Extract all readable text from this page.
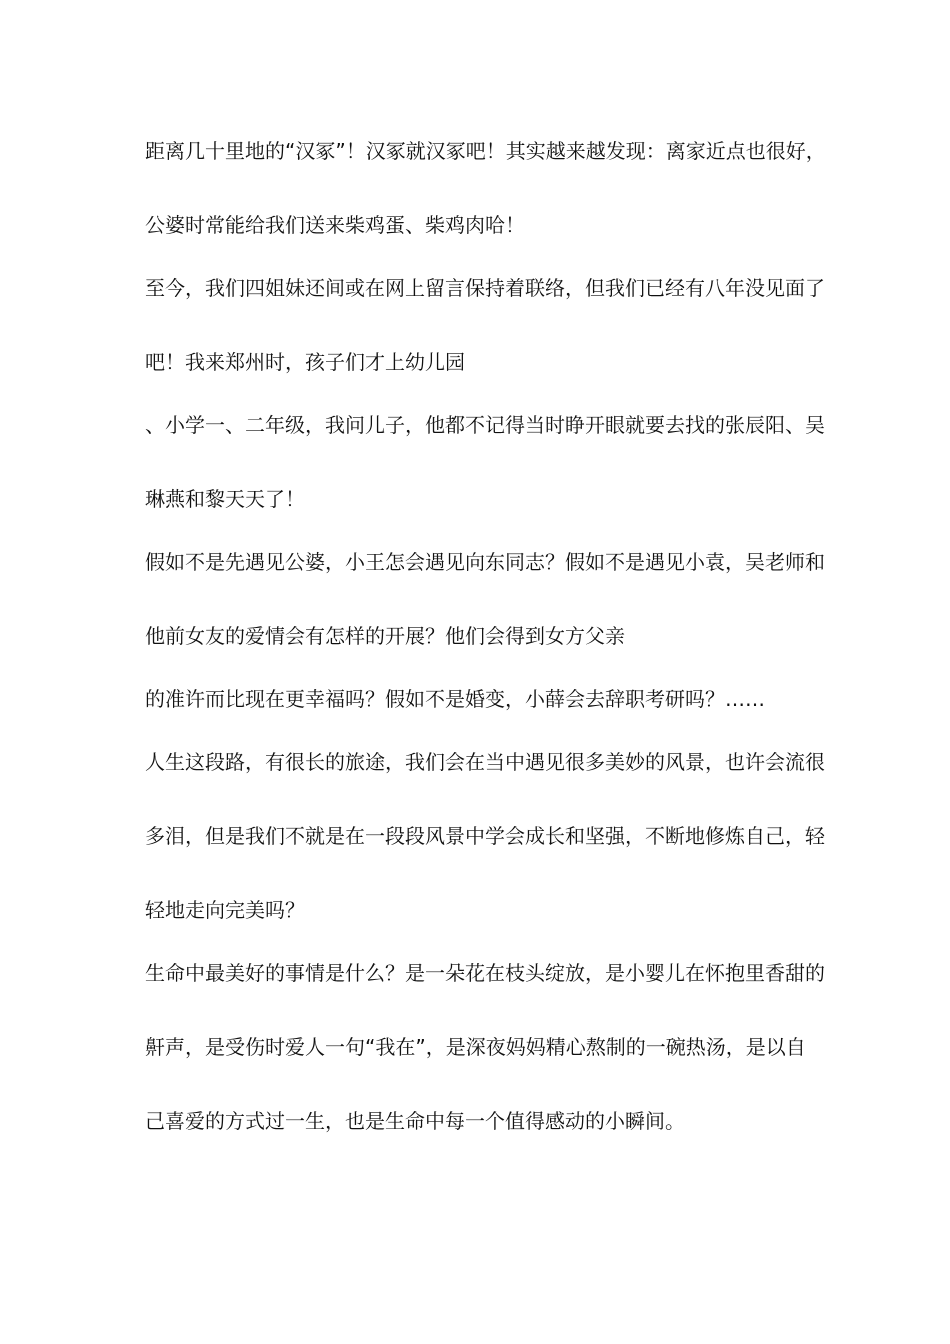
距离几十里地的“汉冢”！汉冢就汉冢吧！其实越来越发现：离家近点也很好，

公婆时常能给我们送来柴鸡蛋、柴鸡肉哈！

至今，我们四姐妹还间或在网上留言保持着联络，但我们已经有八年没见面了

吧！我来郑州时，孩子们才上幼儿园

、小学一、二年级，我问儿子，他都不记得当时睁开眼就要去找的张辰阳、吴

琳燕和黎天天了！

假如不是先遇见公婆，小王怎会遇见向东同志？假如不是遇见小袁，吴老师和

他前女友的爱情会有怎样的开展？他们会得到女方父亲

的准许而比现在更幸福吗？假如不是婚变，小薛会去辞职考研吗？……

人生这段路，有很长的旅途，我们会在当中遇见很多美妙的风景，也许会流很

多泪，但是我们不就是在一段段风景中学会成长和坚强，不断地修炼自己，轻

轻地走向完美吗？

生命中最美好的事情是什么？是一朵花在枝头绽放，是小婴儿在怀抱里香甜的

鼾声，是受伤时爱人一句“我在”，是深夜妈妈精心熬制的一碗热汤，是以自

己喜爱的方式过一生，也是生命中每一个值得感动的小瞬间。
